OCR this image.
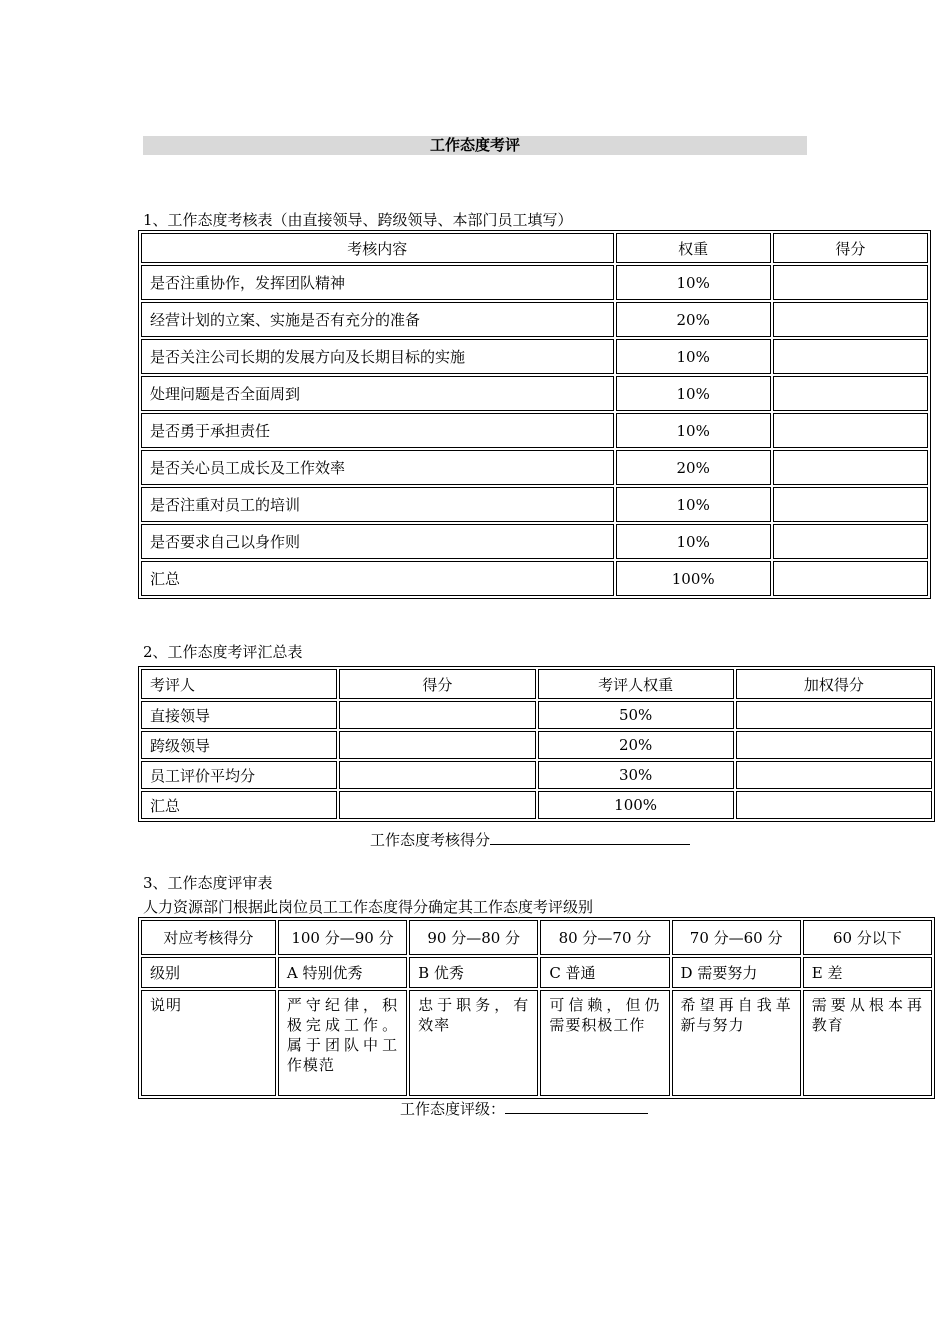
工作态度考评
1、工作态度考核表（由直接领导、跨级领导、本部门员工填写）
考核内容	权重	得分
是否注重协作，发挥团队精神	10%	
经营计划的立案、实施是否有充分的准备	20%	
是否关注公司长期的发展方向及长期目标的实施	10%	
处理问题是否全面周到	10%	
是否勇于承担责任	10%	
是否关心员工成长及工作效率	20%	
是否注重对员工的培训	10%	
是否要求自己以身作则	10%	
汇总	100%	
2、工作态度考评汇总表
考评人	得分	考评人权重	加权得分
直接领导		50%	
跨级领导		20%	
员工评价平均分		30%	
汇总		100%	
工作态度考核得分
3、工作态度评审表
人力资源部门根据此岗位员工工作态度得分确定其工作态度考评级别
对应考核得分	100 分—90 分	90 分—80 分	80 分—70 分	70 分—60 分	60 分以下
级别	A 特别优秀	B 优秀	C 普通	D 需要努力	E 差
说明	严守纪律，积极完成工作。属于团队中工作模范	忠于职务，有效率	可信赖，但仍需要积极工作	希望再自我革新与努力	需要从根本再教育
工作态度评级：
